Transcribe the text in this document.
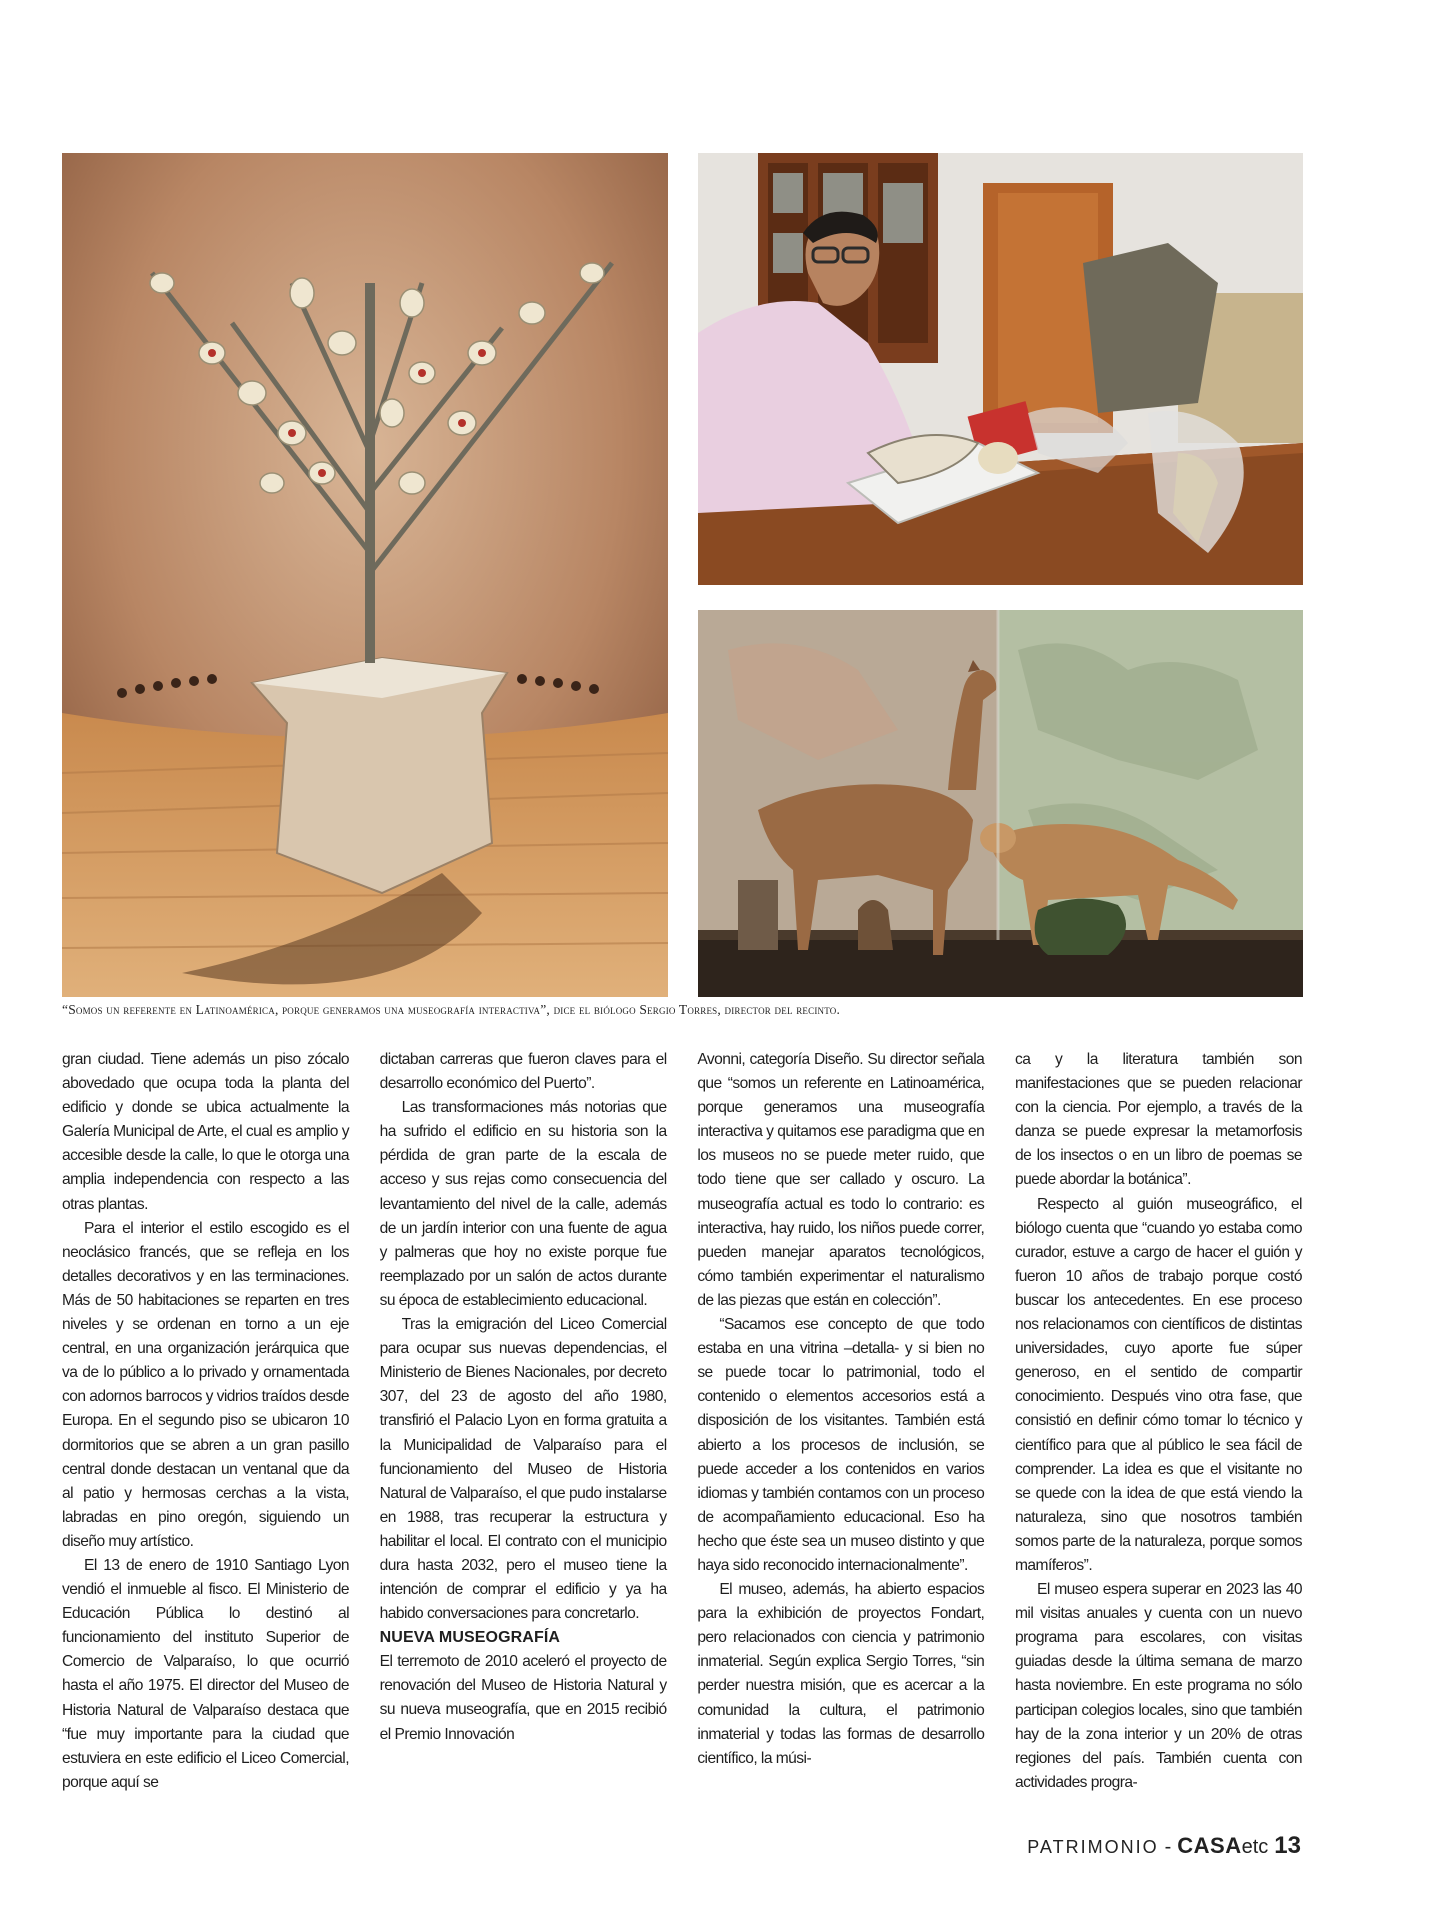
“Somos un referente en Latinoamérica, porque generamos una museografía interactiva”, dice el biólogo Sergio Torres, director del recinto.

gran ciudad. Tiene además un piso zócalo abovedado que ocupa toda la planta del edificio y donde se ubica actualmente la Galería Municipal de Arte, el cual es amplio y accesible desde la calle, lo que le otorga una amplia independencia con respecto a las otras plantas.

Para el interior el estilo escogido es el neoclásico francés, que se refleja en los detalles decorativos y en las terminaciones. Más de 50 habitaciones se reparten en tres niveles y se ordenan en torno a un eje central, en una organización jerárquica que va de lo público a lo privado y ornamentada con adornos barrocos y vidrios traídos desde Europa. En el segundo piso se ubicaron 10 dormitorios que se abren a un gran pasillo central donde destacan un ventanal que da al patio y hermosas cerchas a la vista, labradas en pino oregón, siguiendo un diseño muy artístico.

El 13 de enero de 1910 Santiago Lyon vendió el inmueble al fisco. El Ministerio de Educación Pública lo destinó al funcionamiento del instituto Superior de Comercio de Valparaíso, lo que ocurrió hasta el año 1975. El director del Museo de Historia Natural de Valparaíso destaca que “fue muy importante para la ciudad que estuviera en este edificio el Liceo Comercial, porque aquí se

dictaban carreras que fueron claves para el desarrollo económico del Puerto”.

Las transformaciones más notorias que ha sufrido el edificio en su historia son la pérdida de gran parte de la escala de acceso y sus rejas como consecuencia del levantamiento del nivel de la calle, además de un jardín interior con una fuente de agua y palmeras que hoy no existe porque fue reemplazado por un salón de actos durante su época de establecimiento educacional.

Tras la emigración del Liceo Comercial para ocupar sus nuevas dependencias, el Ministerio de Bienes Nacionales, por decreto 307, del 23 de agosto del año 1980, transfirió el Palacio Lyon en forma gratuita a la Municipalidad de Valparaíso para el funcionamiento del Museo de Historia Natural de Valparaíso, el que pudo instalarse en 1988, tras recuperar la estructura y habilitar el local. El contrato con el municipio dura hasta 2032, pero el museo tiene la intención de comprar el edificio y ya ha habido conversaciones para concretarlo.

NUEVA MUSEOGRAFÍA

El terremoto de 2010 aceleró el proyecto de renovación del Museo de Historia Natural y su nueva museografía, que en 2015 recibió el Premio Innovación

Avonni, categoría Diseño. Su director señala que “somos un referente en Latinoamérica, porque generamos una museografía interactiva y quitamos ese paradigma que en los museos no se puede meter ruido, que todo tiene que ser callado y oscuro. La museografía actual es todo lo contrario: es interactiva, hay ruido, los niños puede correr, pueden manejar aparatos tecnológicos, cómo también experimentar el naturalismo de las piezas que están en colección”.

“Sacamos ese concepto de que todo estaba en una vitrina –detalla- y si bien no se puede tocar lo patrimonial, todo el contenido o elementos accesorios está a disposición de los visitantes. También está abierto a los procesos de inclusión, se puede acceder a los contenidos en varios idiomas y también contamos con un proceso de acompañamiento educacional. Eso ha hecho que éste sea un museo distinto y que haya sido reconocido internacionalmente”.

El museo, además, ha abierto espacios para la exhibición de proyectos Fondart, pero relacionados con ciencia y patrimonio inmaterial. Según explica Sergio Torres, “sin perder nuestra misión, que es acercar a la comunidad la cultura, el patrimonio inmaterial y todas las formas de desarrollo científico, la músi-

ca y la literatura también son manifestaciones que se pueden relacionar con la ciencia. Por ejemplo, a través de la danza se puede expresar la metamorfosis de los insectos o en un libro de poemas se puede abordar la botánica”.

Respecto al guión museográfico, el biólogo cuenta que “cuando yo estaba como curador, estuve a cargo de hacer el guión y fueron 10 años de trabajo porque costó buscar los antecedentes. En ese proceso nos relacionamos con científicos de distintas universidades, cuyo aporte fue súper generoso, en el sentido de compartir conocimiento. Después vino otra fase, que consistió en definir cómo tomar lo técnico y científico para que al público le sea fácil de comprender. La idea es que el visitante no se quede con la idea de que está viendo la naturaleza, sino que nosotros también somos parte de la naturaleza, porque somos mamíferos”.

El museo espera superar en 2023 las 40 mil visitas anuales y cuenta con un nuevo programa para escolares, con visitas guiadas desde la última semana de marzo hasta noviembre. En este programa no sólo participan colegios locales, sino que también hay de la zona interior y un 20% de otras regiones del país. También cuenta con actividades progra-

PATRIMONIO - CASA etc 13
